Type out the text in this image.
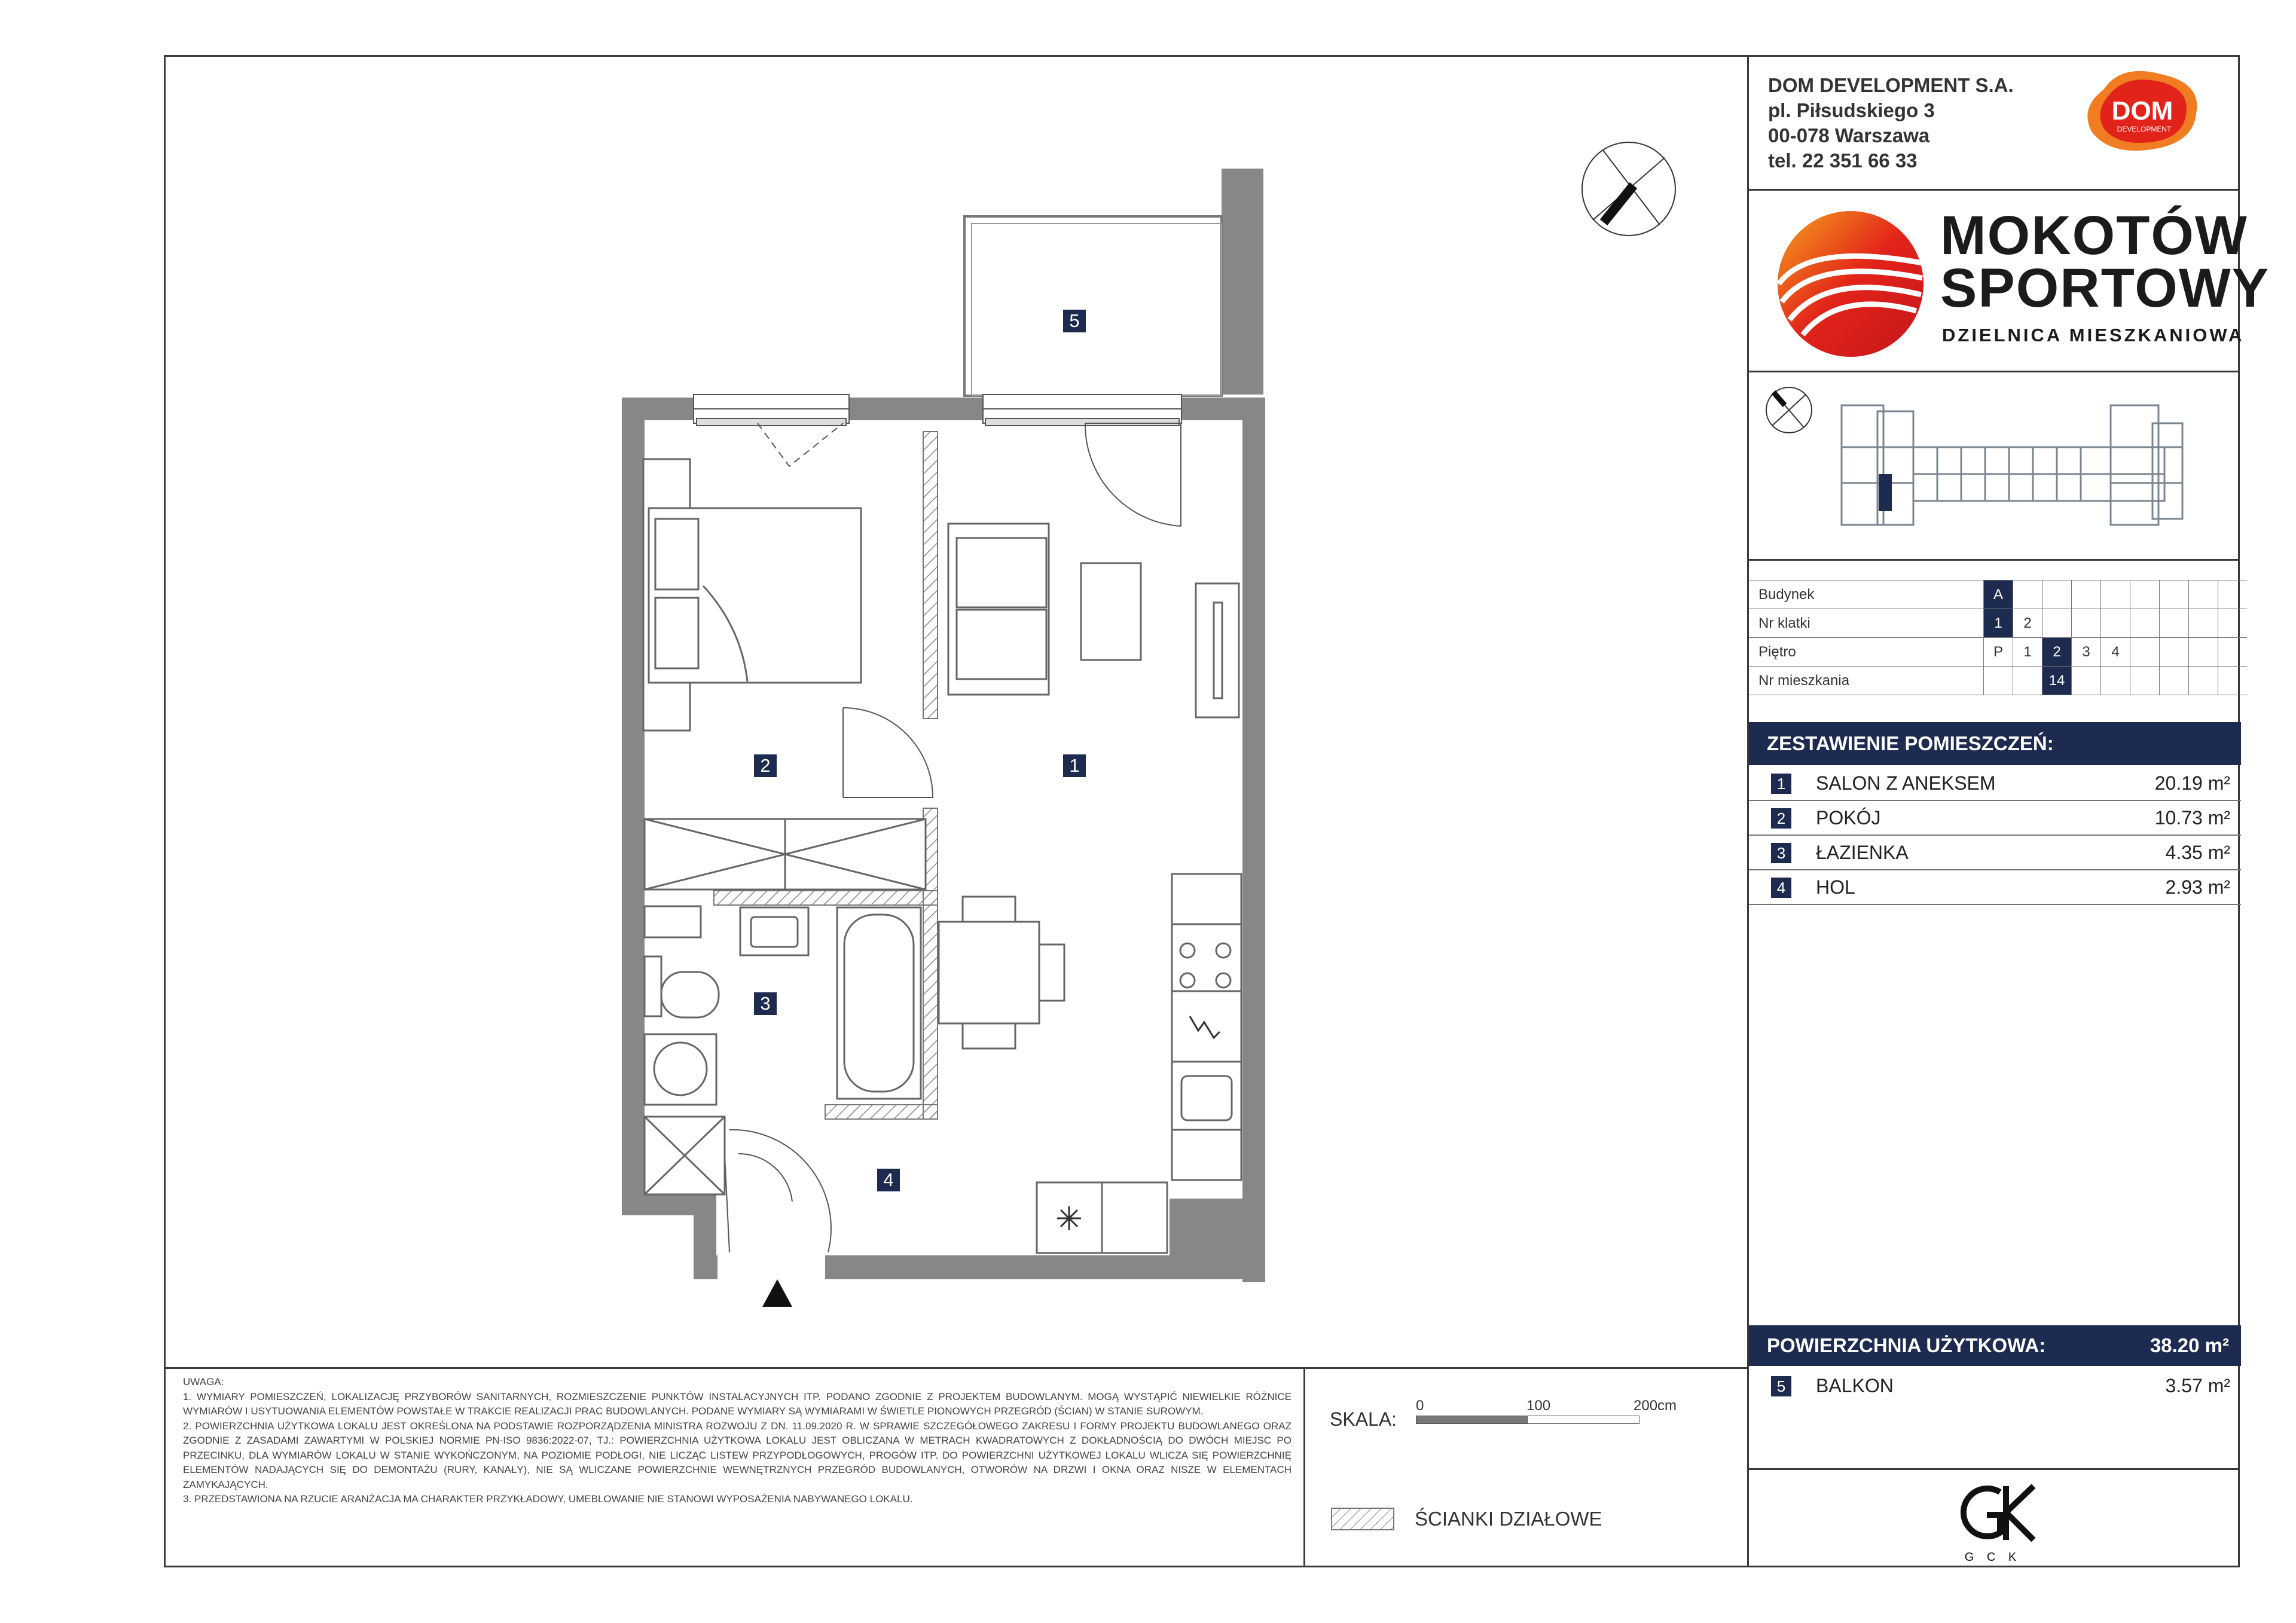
DOM DEVELOPMENT S.A.
pl. Piłsudskiego 3
00-078 Warszawa
tel. 22 351 66 33
DOM
DEVELOPMENT
MOKOTÓW
SPORTOWY
DZIELNICA MIESZKANIOWA
Budynek	A								
Nr klatki	1	2							
Piętro	P	1	2	3	4				
Nr mieszkania			14						
ZESTAWIENIE POMIESZCZEŃ:
1	SALON Z ANEKSEM	20.19 m²
2	POKÓJ	10.73 m²
3	ŁAZIENKA	4.35 m²
4	HOL	2.93 m²
POWIERZCHNIA UŻYTKOWA:	38.20 m²
5	BALKON	3.57 m²
G C K
UWAGA:
1. WYMIARY POMIESZCZEŃ, LOKALIZACJĘ PRZYBORÓW SANITARNYCH, ROZMIESZCZENIE PUNKTÓW INSTALACYJNYCH ITP. PODANO ZGODNIE Z PROJEKTEM BUDOWLANYM. MOGĄ WYSTĄPIĆ NIEWIELKIE RÓŻNICE WYMIARÓW I USYTUOWANIA ELEMENTÓW POWSTAŁE W TRAKCIE REALIZACJI PRAC BUDOWLANYCH. PODANE WYMIARY SĄ WYMIARAMI W ŚWIETLE PIONOWYCH PRZEGRÓD (ŚCIAN) W STANIE SUROWYM.
2. POWIERZCHNIA UŻYTKOWA LOKALU JEST OKREŚLONA NA PODSTAWIE ROZPORZĄDZENIA MINISTRA ROZWOJU Z DN. 11.09.2020 R. W SPRAWIE SZCZEGÓŁOWEGO ZAKRESU I FORMY PROJEKTU BUDOWLANEGO ORAZ ZGODNIE Z ZASADAMI ZAWARTYMI W POLSKIEJ NORMIE PN-ISO 9836:2022-07, TJ.: POWIERZCHNIA UŻYTKOWA LOKALU JEST OBLICZANA W METRACH KWADRATOWYCH Z DOKŁADNOŚCIĄ DO DWÓCH MIEJSC PO PRZECINKU, DLA WYMIARÓW LOKALU W STANIE WYKOŃCZONYM, NA POZIOMIE PODŁOGI, NIE LICZĄC LISTEW PRZYPODŁOGOWYCH, PROGÓW ITP. DO POWIERZCHNI UŻYTKOWEJ LOKALU WLICZA SIĘ POWIERZCHNIĘ ELEMENTÓW NADAJĄCYCH SIĘ DO DEMONTAŻU (RURY, KANAŁY), NIE SĄ WLICZANE POWIERZCHNIE WEWNĘTRZNYCH PRZEGRÓD BUDOWLANYCH, OTWORÓW NA DRZWI I OKNA ORAZ NISZE W ELEMENTACH ZAMYKAJĄCYCH.
3. PRZEDSTAWIONA NA RZUCIE ARANŻACJA MA CHARAKTER PRZYKŁADOWY, UMEBLOWANIE NIE STANOWI WYPOSAŻENIA NABYWANEGO LOKALU.
SKALA:
0	100	200cm
ŚCIANKI DZIAŁOWE
5
2	1
3
4
